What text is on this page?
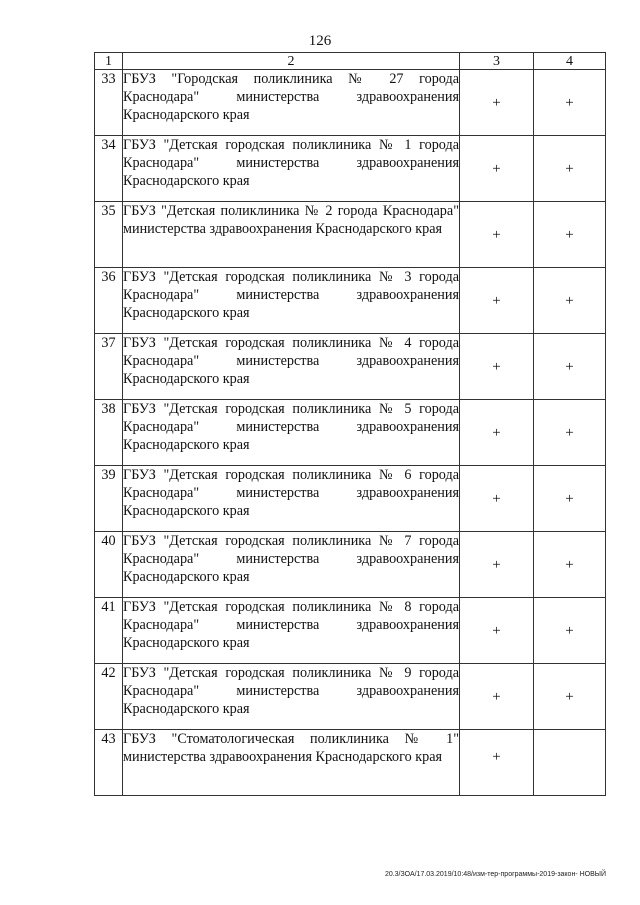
126
1	2	3	4
33	ГБУЗ "Городская поликлиника № 27 города Краснодара" министерства здравоохранения Краснодарского края	+	+
34	ГБУЗ "Детская городская поликлиника № 1 города Краснодара" министерства здравоохранения Краснодарского края	+	+
35	ГБУЗ "Детская поликлиника № 2 города Краснодара" министерства здравоохранения Краснодарского края	+	+
36	ГБУЗ "Детская городская поликлиника № 3 города Краснодара" министерства здравоохранения Краснодарского края	+	+
37	ГБУЗ "Детская городская поликлиника № 4 города Краснодара" министерства здравоохранения Краснодарского края	+	+
38	ГБУЗ "Детская городская поликлиника № 5 города Краснодара" министерства здравоохранения Краснодарского края	+	+
39	ГБУЗ "Детская городская поликлиника № 6 города Краснодара" министерства здравоохранения Краснодарского края	+	+
40	ГБУЗ "Детская городская поликлиника № 7 города Краснодара" министерства здравоохранения Краснодарского края	+	+
41	ГБУЗ "Детская городская поликлиника № 8 города Краснодара" министерства здравоохранения Краснодарского края	+	+
42	ГБУЗ "Детская городская поликлиника № 9 города Краснодара" министерства здравоохранения Краснодарского края	+	+
43	ГБУЗ "Стоматологическая поликлиника № 1" министерства здравоохранения Краснодарского края	+	
20.3/ЗОА/17.03.2019/10:48/изм-тер-программы-2019-закон- НОВЫЙ
